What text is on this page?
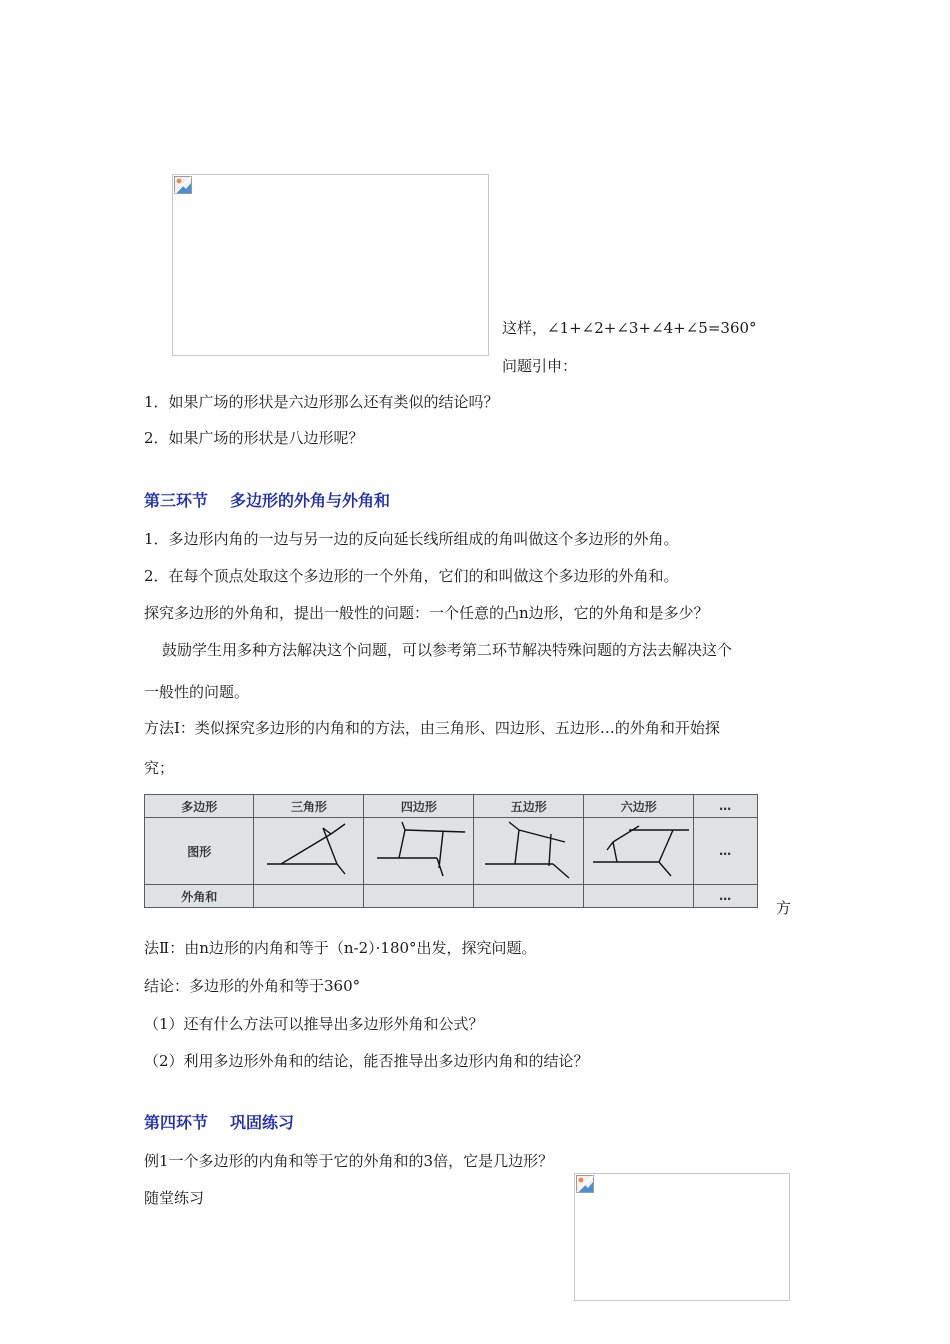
这样，∠1+∠2+∠3+∠4+∠5=360°
问题引申：
1．如果广场的形状是六边形那么还有类似的结论吗？
2．如果广场的形状是八边形呢？
第三环节 多边形的外角与外角和
1．多边形内角的一边与另一边的反向延长线所组成的角叫做这个多边形的外角。
2．在每个顶点处取这个多边形的一个外角，它们的和叫做这个多边形的外角和。
探究多边形的外角和，提出一般性的问题：一个任意的凸n边形，它的外角和是多少？
鼓励学生用多种方法解决这个问题，可以参考第二环节解决特殊问题的方法去解决这个
一般性的问题。
方法Ⅰ：类似探究多边形的内角和的方法，由三角形、四边形、五边形…的外角和开始探
究；
多边形	三角形	四边形	五边形	六边形	…
图形					…
外角和					…
方
法Ⅱ：由n边形的内角和等于（n-2）·180°出发，探究问题。
结论：多边形的外角和等于360°
（1）还有什么方法可以推导出多边形外角和公式？
（2）利用多边形外角和的结论，能否推导出多边形内角和的结论？
第四环节 巩固练习
例1一个多边形的内角和等于它的外角和的3倍，它是几边形？
随堂练习
